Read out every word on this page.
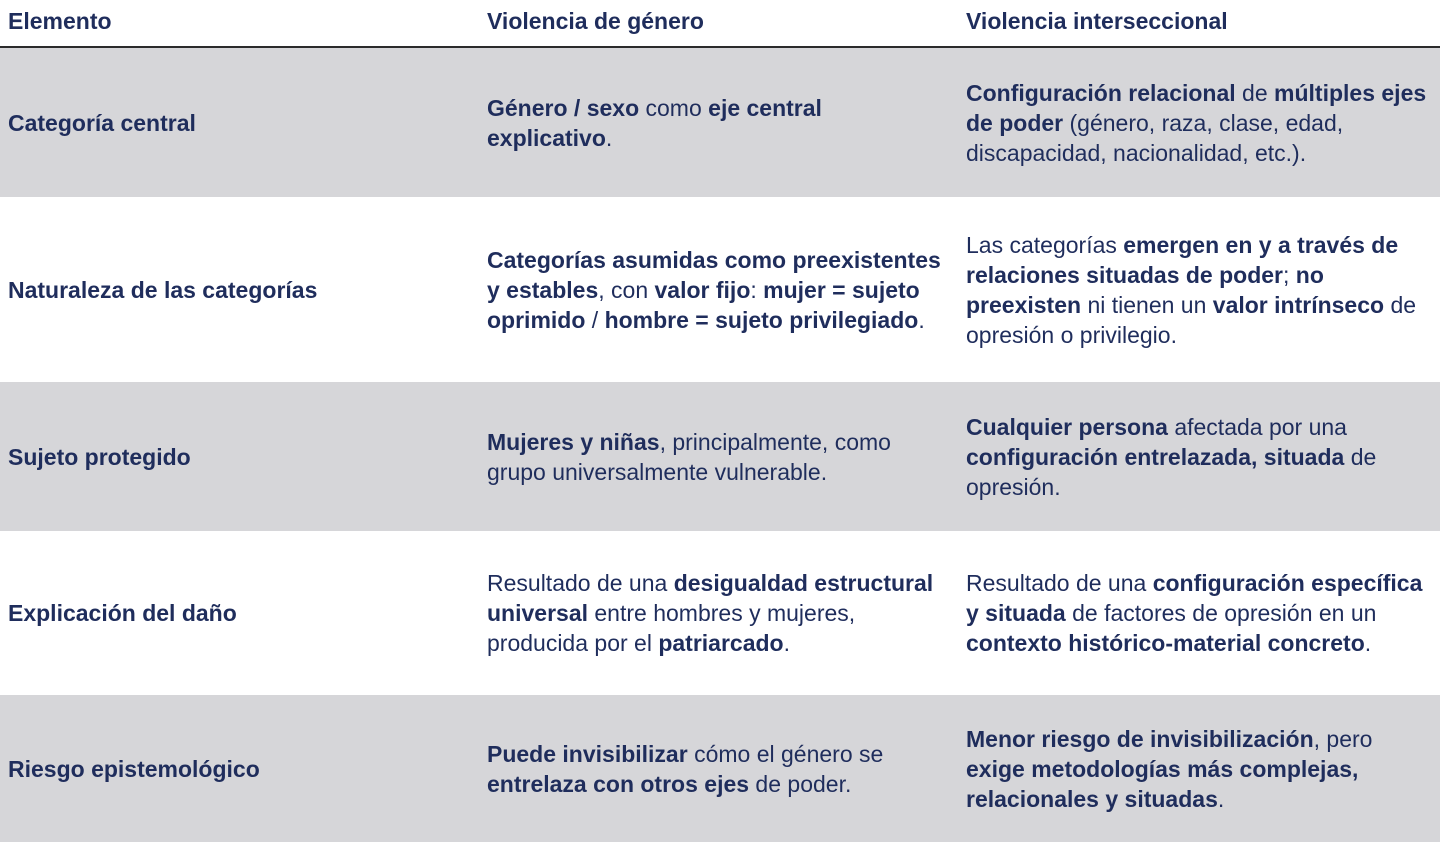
Elemento	Violencia de género	Violencia interseccional
Categoría central
Género / sexo como eje central explicativo.
Configuración relacional de múltiples ejes de poder (género, raza, clase, edad, discapacidad, nacionalidad, etc.).
Naturaleza de las categorías
Categorías asumidas como preexistentes y estables, con valor fijo: mujer = sujeto oprimido / hombre = sujeto privilegiado.
Las categorías emergen en y a través de relaciones situadas de poder; no preexisten ni tienen un valor intrínseco de opresión o privilegio.
Sujeto protegido
Mujeres y niñas, principalmente, como grupo universalmente vulnerable.
Cualquier persona afectada por una configuración entrelazada, situada de opresión.
Explicación del daño
Resultado de una desigualdad estructural universal entre hombres y mujeres, producida por el patriarcado.
Resultado de una configuración específica y situada de factores de opresión en un contexto histórico-material concreto.
Riesgo epistemológico
Puede invisibilizar cómo el género se entrelaza con otros ejes de poder.
Menor riesgo de invisibilización, pero exige metodologías más complejas, relacionales y situadas.
